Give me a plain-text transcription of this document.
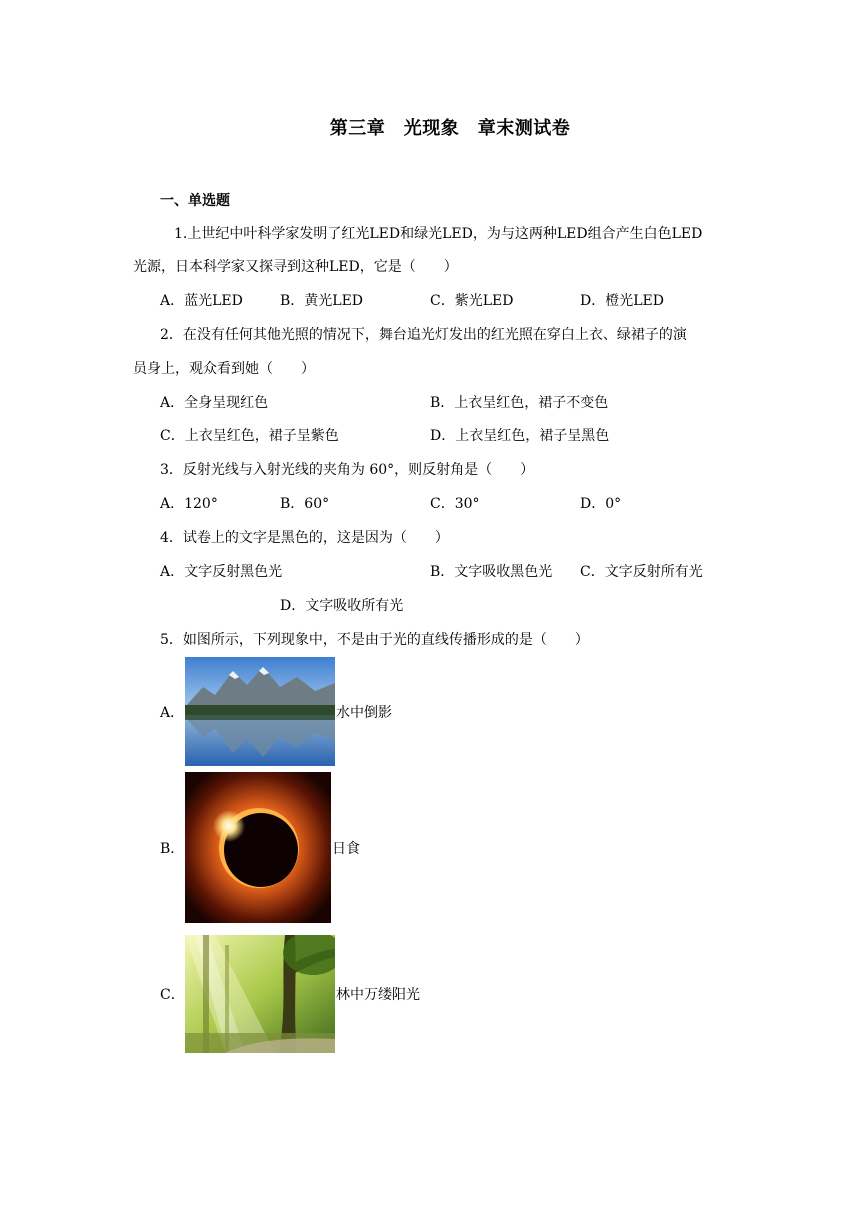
第三章　光现象　章末测试卷
一、单选题
1.上世纪中叶科学家发明了红光LED和绿光LED，为与这两种LED组合产生白色LED
光源，日本科学家又探寻到这种LED，它是（　　）
A．蓝光LED	B．黄光LED	C．紫光LED	D．橙光LED
2．在没有任何其他光照的情况下，舞台追光灯发出的红光照在穿白上衣、绿裙子的演
员身上，观众看到她（　　）
A．全身呈现红色	B．上衣呈红色，裙子不变色
C．上衣呈红色，裙子呈紫色	D．上衣呈红色，裙子呈黑色
3．反射光线与入射光线的夹角为 60°，则反射角是（　　）
A．120°	B．60°	C．30°	D．0°
4．试卷上的文字是黑色的，这是因为（　　）
A．文字反射黑色光	B．文字吸收黑色光 C．文字反射所有光
D．文字吸收所有光
5．如图所示，下列现象中，不是由于光的直线传播形成的是（　　）
A．	水中倒影
B．	日食
C．	林中万缕阳光
